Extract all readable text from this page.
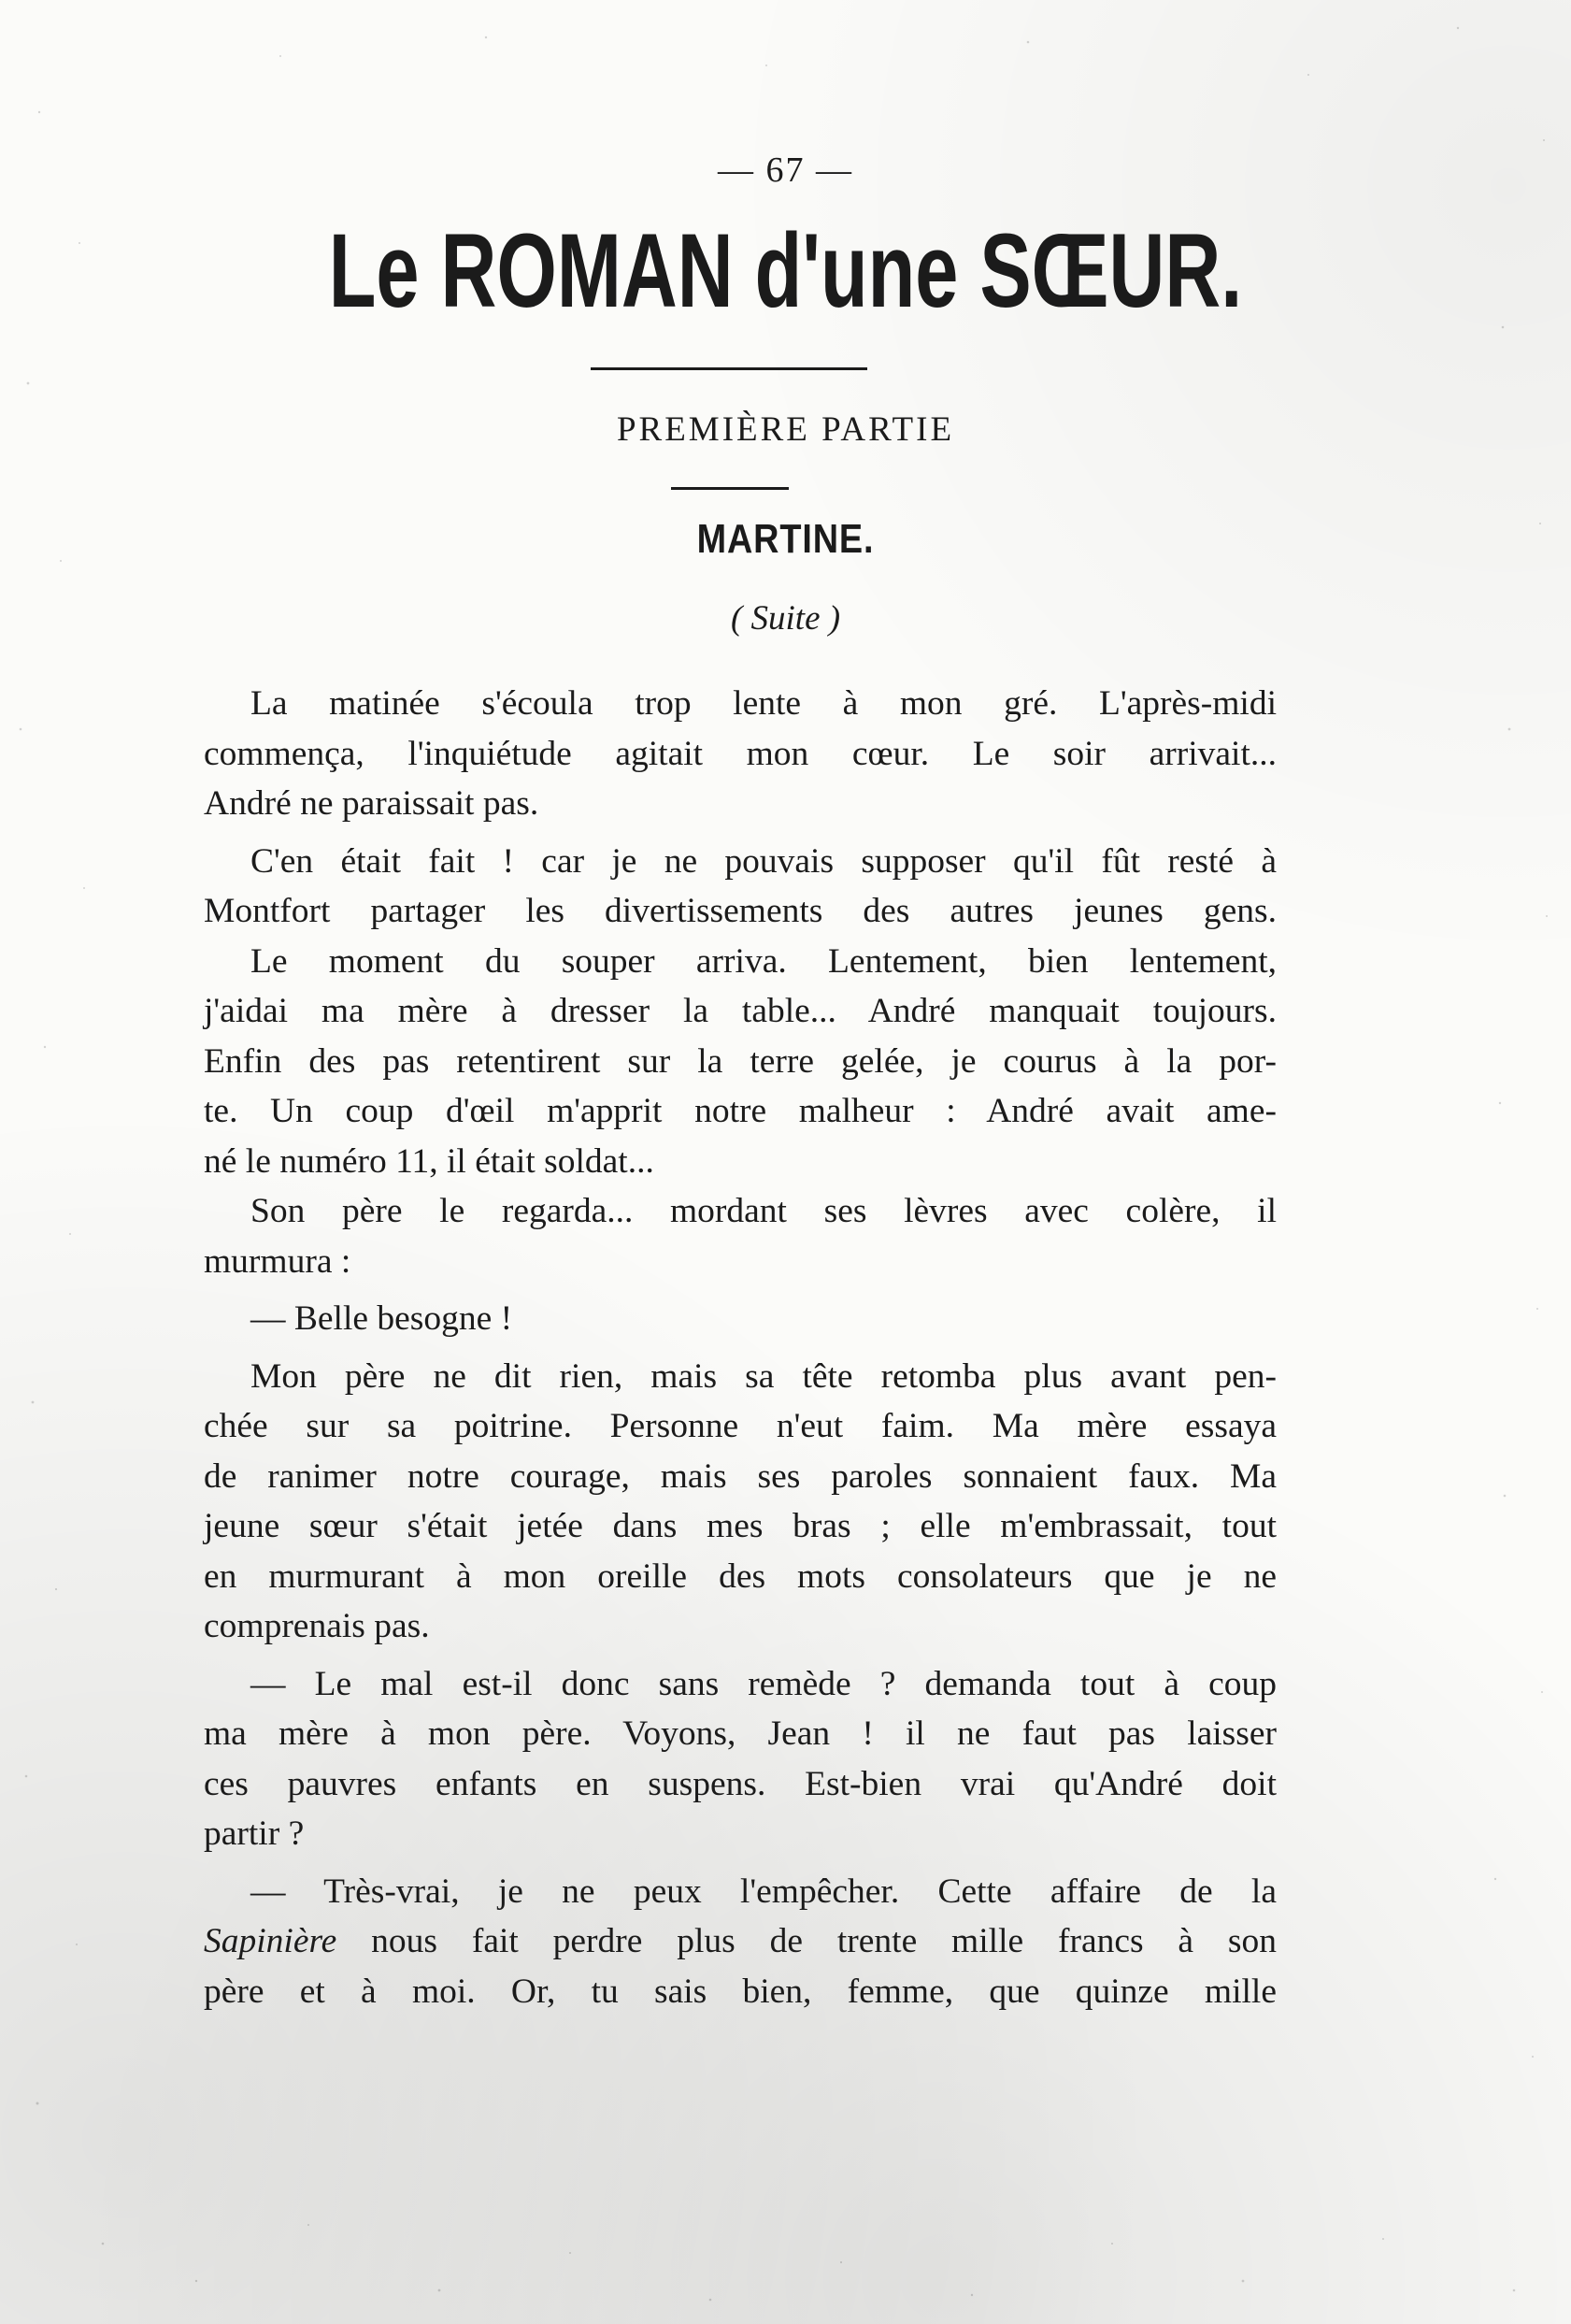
— 67 —
Le ROMAN d'une SŒUR.
PREMIÈRE PARTIE
MARTINE.
( Suite )
La matinée s'écoula trop lente à mon gré. L'après-midi
commença, l'inquiétude agitait mon cœur. Le soir arrivait...
André ne paraissait pas.
C'en était fait ! car je ne pouvais supposer qu'il fût resté à
Montfort partager les divertissements des autres jeunes gens.
Le moment du souper arriva. Lentement, bien lentement,
j'aidai ma mère à dresser la table... André manquait toujours.
Enfin des pas retentirent sur la terre gelée, je courus à la por-
te. Un coup d'œil m'apprit notre malheur : André avait ame-
né le numéro 11, il était soldat...
Son père le regarda... mordant ses lèvres avec colère, il
murmura :
— Belle besogne !
Mon père ne dit rien, mais sa tête retomba plus avant pen-
chée sur sa poitrine. Personne n'eut faim. Ma mère essaya
de ranimer notre courage, mais ses paroles sonnaient faux. Ma
jeune sœur s'était jetée dans mes bras ; elle m'embrassait, tout
en murmurant à mon oreille des mots consolateurs que je ne
comprenais pas.
— Le mal est-il donc sans remède ? demanda tout à coup
ma mère à mon père. Voyons, Jean ! il ne faut pas laisser
ces pauvres enfants en suspens. Est-bien vrai qu'André doit
partir ?
— Très-vrai, je ne peux l'empêcher. Cette affaire de la
Sapinière nous fait perdre plus de trente mille francs à son
père et à moi. Or, tu sais bien, femme, que quinze mille
